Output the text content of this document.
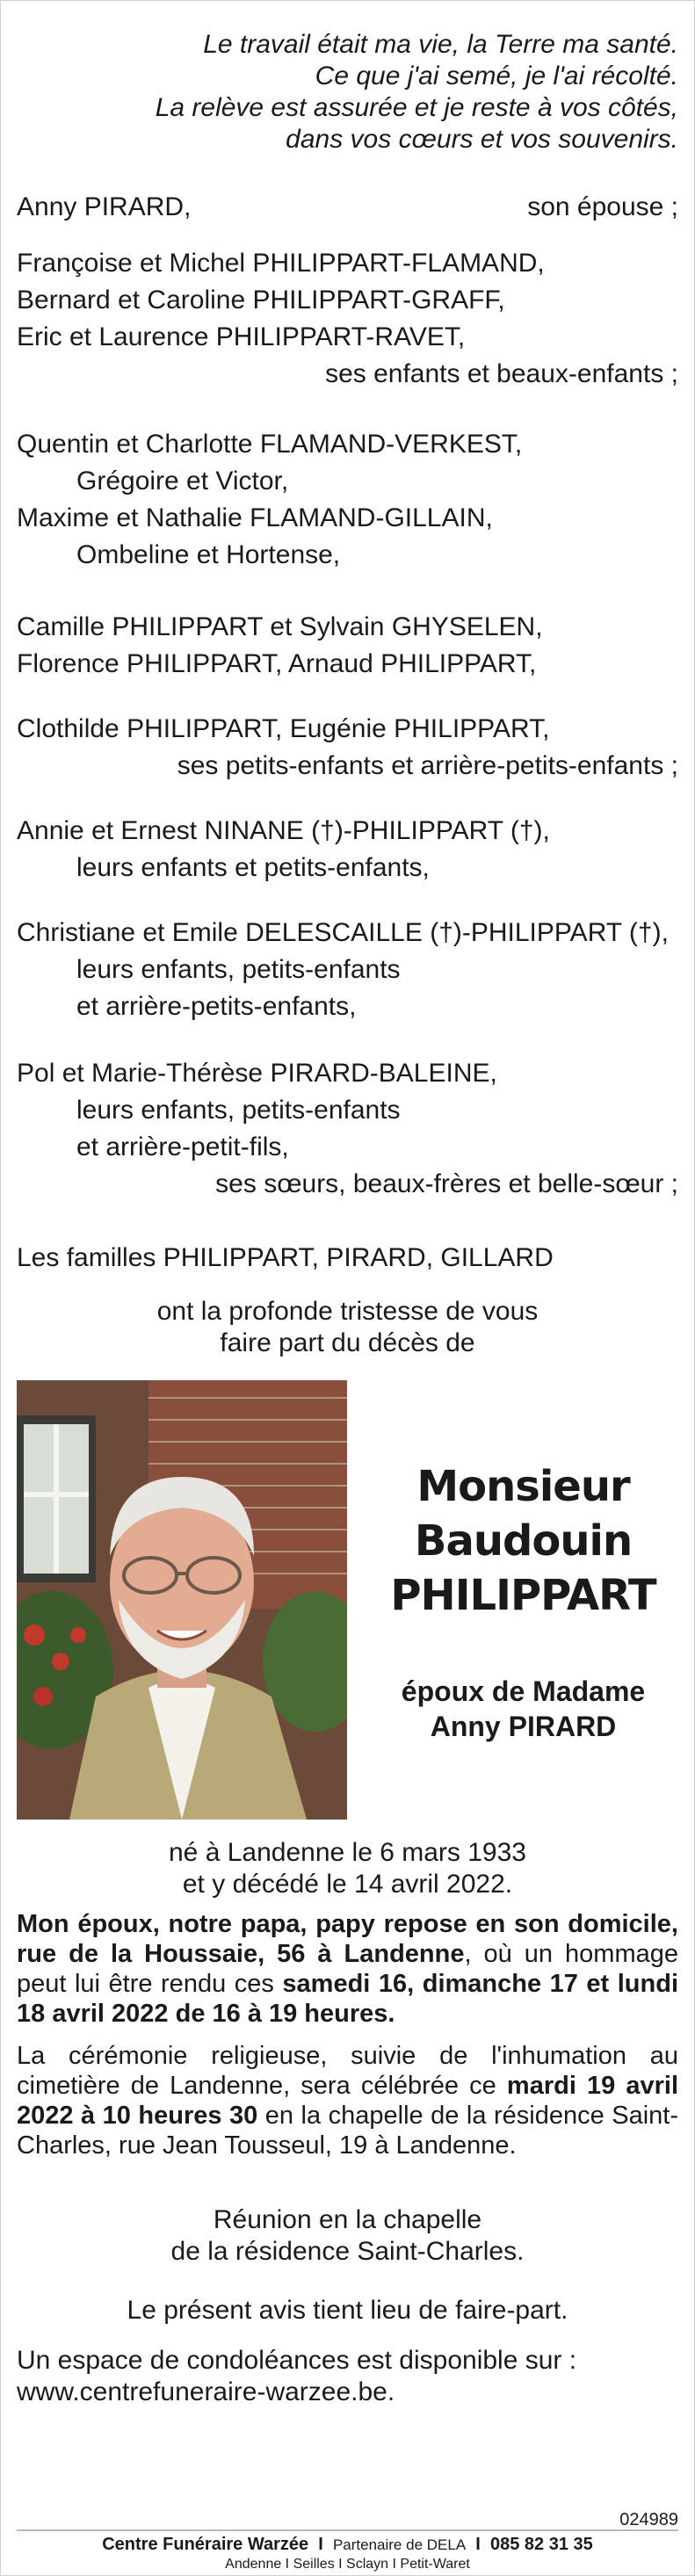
Le travail était ma vie, la Terre ma santé.
Ce que j'ai semé, je l'ai récolté.
La relève est assurée et je reste à vos côtés,
dans vos cœurs et vos souvenirs.
Anny PIRARD,	son épouse ;
Françoise et Michel PHILIPPART-FLAMAND,
Bernard et Caroline PHILIPPART-GRAFF,
Eric et Laurence PHILIPPART-RAVET,
ses enfants et beaux-enfants ;
Quentin et Charlotte FLAMAND-VERKEST,
Grégoire et Victor,
Maxime et Nathalie FLAMAND-GILLAIN,
Ombeline et Hortense,
Camille PHILIPPART et Sylvain GHYSELEN,
Florence PHILIPPART, Arnaud PHILIPPART,
Clothilde PHILIPPART, Eugénie PHILIPPART,
ses petits-enfants et arrière-petits-enfants ;
Annie et Ernest NINANE (†)-PHILIPPART (†),
leurs enfants et petits-enfants,
Christiane et Emile DELESCAILLE (†)-PHILIPPART (†),
leurs enfants, petits-enfants
et arrière-petits-enfants,
Pol et Marie-Thérèse PIRARD-BALEINE,
leurs enfants, petits-enfants
et arrière-petit-fils,
ses sœurs, beaux-frères et belle-sœur ;
Les familles PHILIPPART, PIRARD, GILLARD
ont la profonde tristesse de vous
faire part du décès de
Monsieur
Baudouin
PHILIPPART
époux de Madame
Anny PIRARD
né à Landenne le 6 mars 1933
et y décédé le 14 avril 2022.
Mon époux, notre papa, papy repose en son domicile, rue de la Houssaie, 56 à Landenne, où un hommage peut lui être rendu ces samedi 16, dimanche 17 et lundi 18 avril 2022 de 16 à 19 heures.
La cérémonie religieuse, suivie de l'inhumation au cimetière de Landenne, sera célébrée ce mardi 19 avril 2022 à 10 heures 30 en la chapelle de la résidence Saint-Charles, rue Jean Tousseul, 19 à Landenne.
Réunion en la chapelle
de la résidence Saint-Charles.
Le présent avis tient lieu de faire-part.
Un espace de condoléances est disponible sur :
www.centrefuneraire-warzee.be.
024989
Centre Funéraire Warzée I Partenaire de DELA I 085 82 31 35
Andenne I Seilles I Sclayn I Petit-Waret
